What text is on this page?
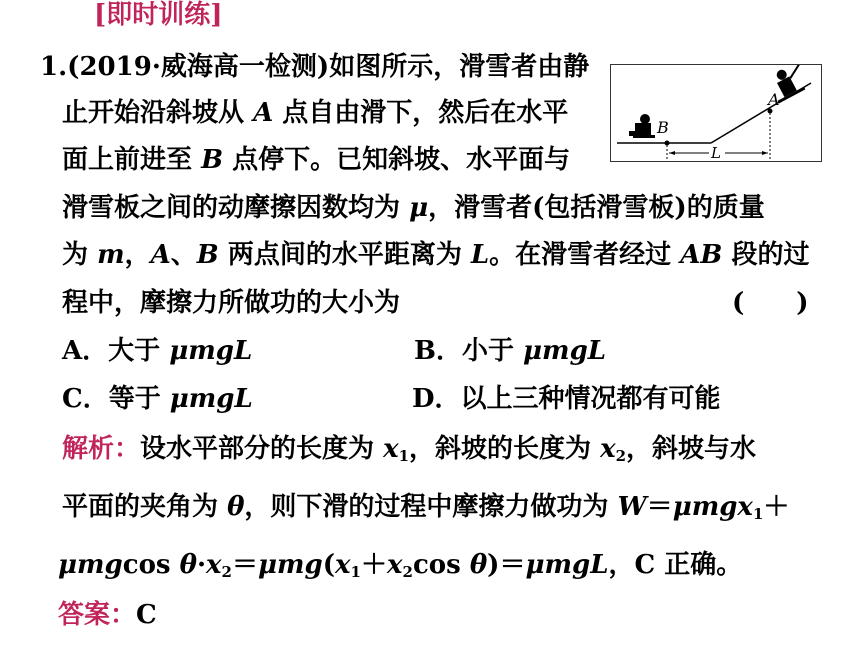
[即时训练]
B
A
L
1.(2019·威海高一检测)如图所示，滑雪者由静
止开始沿斜坡从 A 点自由滑下，然后在水平
面上前进至 B 点停下。已知斜坡、水平面与
滑雪板之间的动摩擦因数均为 μ，滑雪者(包括滑雪板)的质量
为 m，A、B 两点间的水平距离为 L。在滑雪者经过 AB 段的过
程中，摩擦力所做功的大小为	(　　)
A．大于 μmgL	B．小于 μmgL
C．等于 μmgL	D．以上三种情况都有可能
解析：设水平部分的长度为 $x_1$，斜坡的长度为 $x_2$，斜坡与水
平面的夹角为 θ，则下滑的过程中摩擦力做功为 W＝μmgx$_1$＋
μmgcos $\theta\cdot x_2=\mu mg(x_1+x_2\cos$ θ)＝μmgL，C 正确。
答案：C
